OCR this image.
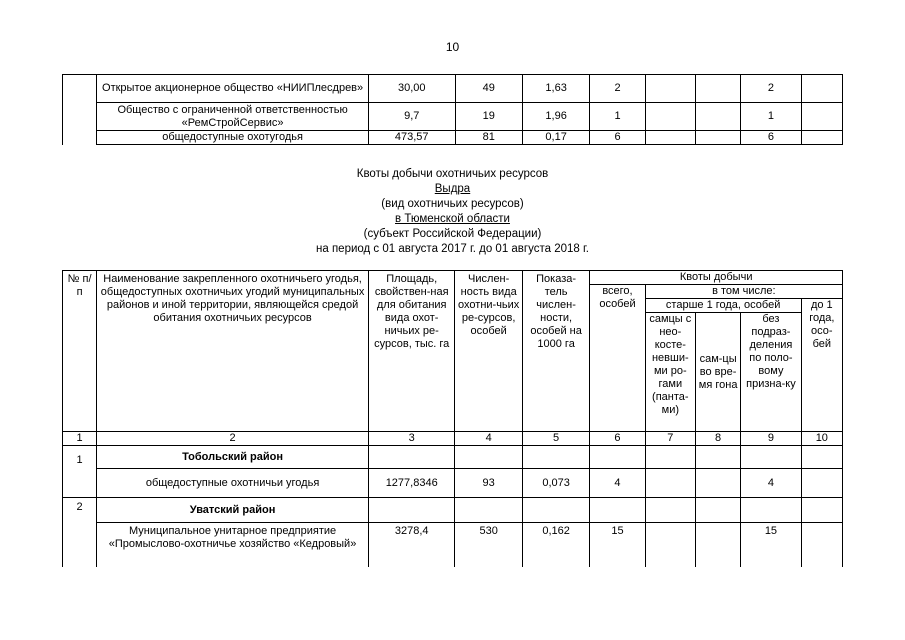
10
	Открытое акционерное общество «НИИПлесдрев»	30,00	49	1,63	2			2	
	Общество с ограниченной ответственностью «РемСтройСервис»	9,7	19	1,96	1			1	
	общедоступные охотугодья	473,57	81	0,17	6			6	
Квоты добычи охотничьих ресурсов
Выдра
(вид охотничьих ресурсов)
в Тюменской области
(субъект Российской Федерации)
на период с 01 августа 2017 г. до 01 августа 2018 г.
№ п/п	Наименование закрепленного охотничьего угодья, общедоступных охотничьих угодий муниципальных районов и иной территории, являющейся средой обитания охотничьих ресурсов	Площадь, свойствен-ная для обитания вида охот-ничьих ре-сурсов, тыс. га	Числен-ность вида охотни-чьих ре-сурсов, особей	Показа-тель числен-ности, особей на 1000 га	Квоты добычи				
					всего, особей	в том числе:			
						старше 1 года, особей			до 1 года, осо-бей
						самцы с нео-косте-невши-ми ро-гами (панта-ми)	сам-цы во вре-мя гона	без подраз-деления по поло-вому призна-ку	
1	2	3	4	5	6	7	8	9	10
1	Тобольский район								
	общедоступные охотничьи угодья	1277,8346	93	0,073	4			4	
2	Уватский район								
	Муниципальное унитарное предприятие «Промыслово-охотничье хозяйство «Кедровый»	3278,4	530	0,162	15			15	
